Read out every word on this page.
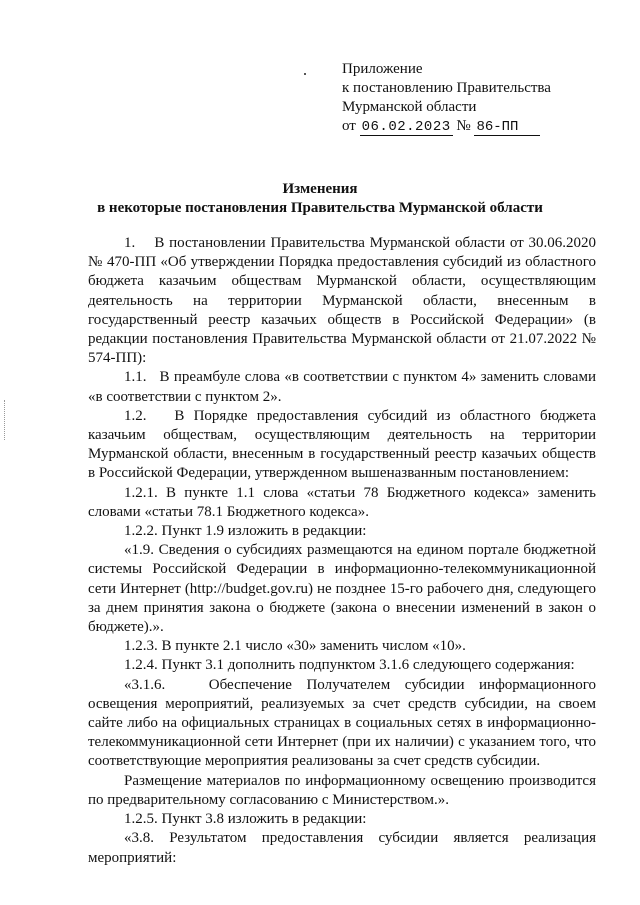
Приложение
к постановлению Правительства
Мурманской области
от 06.02.2023 № 86-ПП
Изменения
в некоторые постановления Правительства Мурманской области

1.    В постановлении Правительства Мурманской области от 30.06.2020 № 470-ПП «Об утверждении Порядка предоставления субсидий из областного бюджета казачьим обществам Мурманской области, осуществляющим деятельность на территории Мурманской области, внесенным в государственный реестр казачьих обществ в Российской Федерации» (в редакции постановления Правительства Мурманской области от 21.07.2022 № 574-ПП):

1.1.   В преамбуле слова «в соответствии с пунктом 4» заменить словами «в соответствии с пунктом 2».

1.2.   В Порядке предоставления субсидий из областного бюджета казачьим обществам, осуществляющим деятельность на территории Мурманской области, внесенным в государственный реестр казачьих обществ в Российской Федерации, утвержденном вышеназванным постановлением:

1.2.1. В пункте 1.1 слова «статьи 78 Бюджетного кодекса» заменить словами «статьи 78.1 Бюджетного кодекса».

1.2.2. Пункт 1.9 изложить в редакции:

«1.9. Сведения о субсидиях размещаются на едином портале бюджетной системы Российской Федерации в информационно-телекоммуникационной сети Интернет (http://budget.gov.ru) не позднее 15-го рабочего дня, следующего за днем принятия закона о бюджете (закона о внесении изменений в закон о бюджете).».

1.2.3. В пункте 2.1 число «30» заменить числом «10».

1.2.4. Пункт 3.1 дополнить подпунктом 3.1.6 следующего содержания:

«3.1.6.   Обеспечение Получателем субсидии информационного освещения мероприятий, реализуемых за счет средств субсидии, на своем сайте либо на официальных страницах в социальных сетях в информационно-телекоммуникационной сети Интернет (при их наличии) с указанием того, что соответствующие мероприятия реализованы за счет средств субсидии.

Размещение материалов по информационному освещению производится по предварительному согласованию с Министерством.».

1.2.5. Пункт 3.8 изложить в редакции:

«3.8. Результатом предоставления субсидии является реализация мероприятий:
